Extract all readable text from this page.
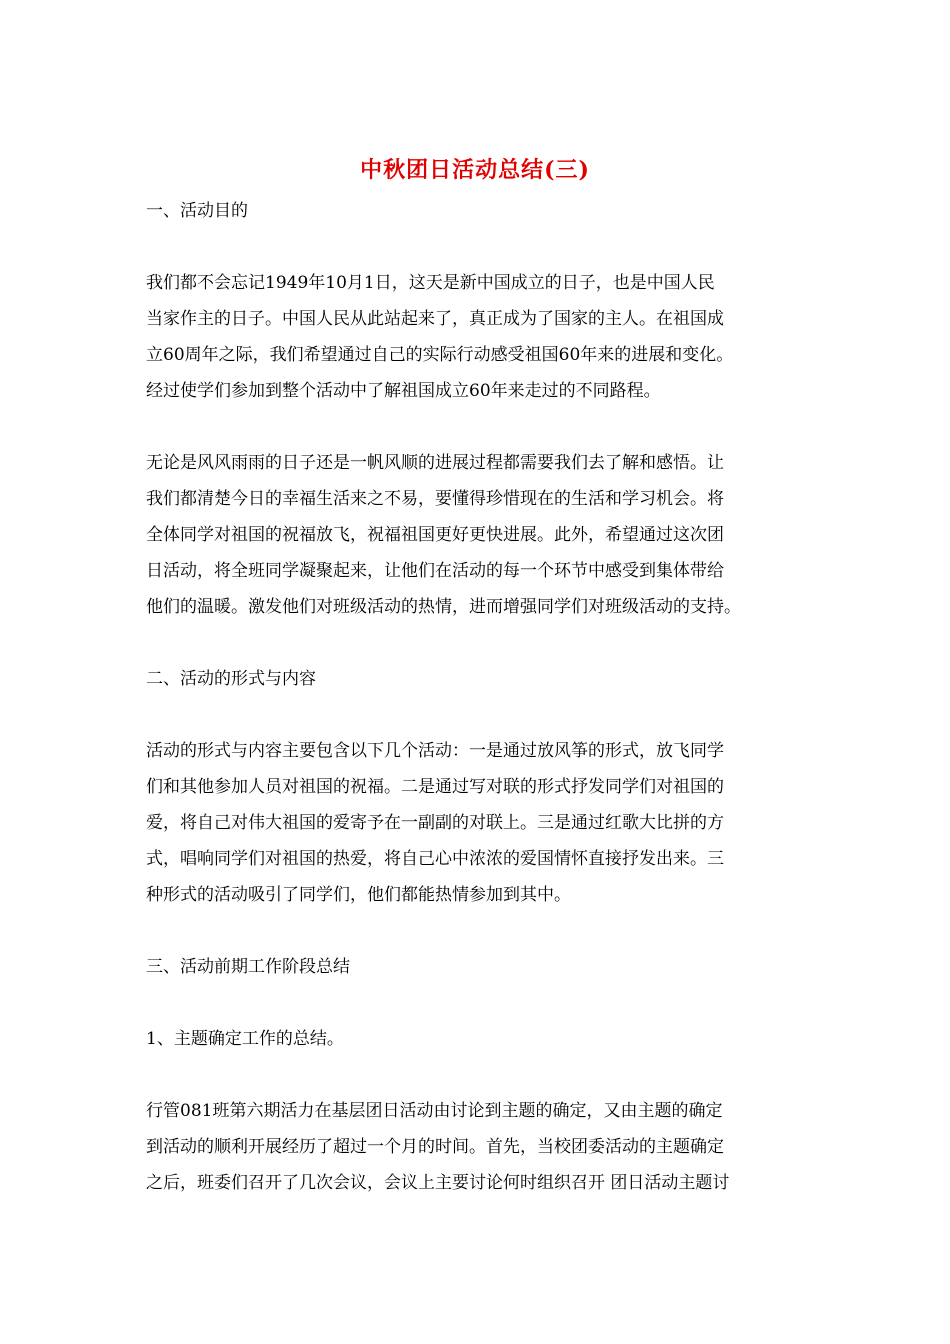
中秋团日活动总结(三)

一、活动目的

我们都不会忘记1949年10月1日，这天是新中国成立的日子，也是中国人民

当家作主的日子。中国人民从此站起来了，真正成为了国家的主人。在祖国成

立60周年之际，我们希望通过自己的实际行动感受祖国60年来的进展和变化。

经过使学们参加到整个活动中了解祖国成立60年来走过的不同路程。

无论是风风雨雨的日子还是一帆风顺的进展过程都需要我们去了解和感悟。让

我们都清楚今日的幸福生活来之不易，要懂得珍惜现在的生活和学习机会。将

全体同学对祖国的祝福放飞，祝福祖国更好更快进展。此外，希望通过这次团

日活动，将全班同学凝聚起来，让他们在活动的每一个环节中感受到集体带给

他们的温暖。激发他们对班级活动的热情，进而增强同学们对班级活动的支持。

二、活动的形式与内容

活动的形式与内容主要包含以下几个活动：一是通过放风筝的形式，放飞同学

们和其他参加人员对祖国的祝福。二是通过写对联的形式抒发同学们对祖国的

爱，将自己对伟大祖国的爱寄予在一副副的对联上。三是通过红歌大比拼的方

式，唱响同学们对祖国的热爱，将自己心中浓浓的爱国情怀直接抒发出来。三

种形式的活动吸引了同学们，他们都能热情参加到其中。

三、活动前期工作阶段总结

1、主题确定工作的总结。

行管081班第六期活力在基层团日活动由讨论到主题的确定，又由主题的确定

到活动的顺利开展经历了超过一个月的时间。首先，当校团委活动的主题确定

之后，班委们召开了几次会议，会议上主要讨论何时组织召开 团日活动主题讨
